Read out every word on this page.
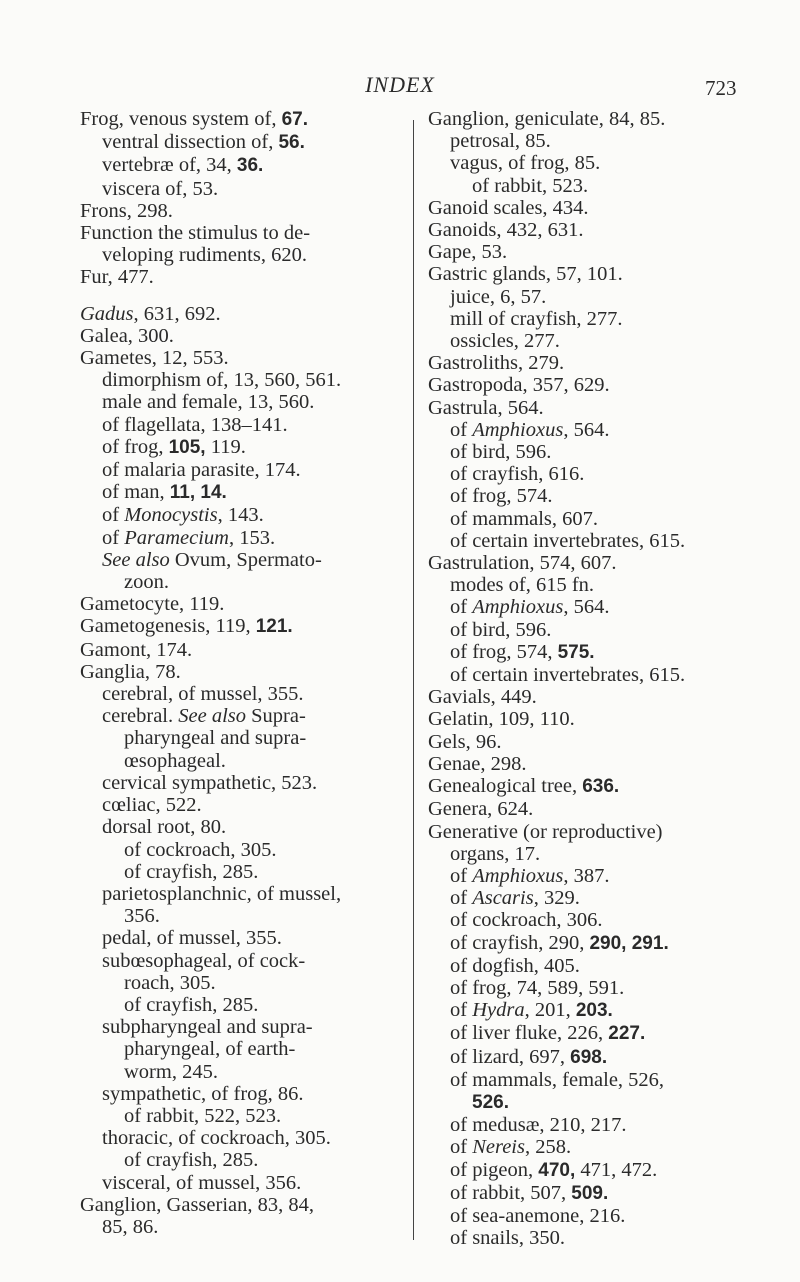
INDEX	723
Frog, venous system of, 67.
ventral dissection of, 56.
vertebræ of, 34, 36.
viscera of, 53.
Frons, 298.
Function the stimulus to de-
veloping rudiments, 620.
Fur, 477.
Gadus, 631, 692.
Galea, 300.
Gametes, 12, 553.
dimorphism of, 13, 560, 561.
male and female, 13, 560.
of flagellata, 138–141.
of frog, 105, 119.
of malaria parasite, 174.
of man, 11, 14.
of Monocystis, 143.
of Paramecium, 153.
See also Ovum, Spermato-
zoon.
Gametocyte, 119.
Gametogenesis, 119, 121.
Gamont, 174.
Ganglia, 78.
cerebral, of mussel, 355.
cerebral. See also Supra-
pharyngeal and supra-
œsophageal.
cervical sympathetic, 523.
cœliac, 522.
dorsal root, 80.
of cockroach, 305.
of crayfish, 285.
parietosplanchnic, of mussel,
356.
pedal, of mussel, 355.
subœsophageal, of cock-
roach, 305.
of crayfish, 285.
subpharyngeal and supra-
pharyngeal, of earth-
worm, 245.
sympathetic, of frog, 86.
of rabbit, 522, 523.
thoracic, of cockroach, 305.
of crayfish, 285.
visceral, of mussel, 356.
Ganglion, Gasserian, 83, 84,
85, 86.
Ganglion, geniculate, 84, 85.
petrosal, 85.
vagus, of frog, 85.
of rabbit, 523.
Ganoid scales, 434.
Ganoids, 432, 631.
Gape, 53.
Gastric glands, 57, 101.
juice, 6, 57.
mill of crayfish, 277.
ossicles, 277.
Gastroliths, 279.
Gastropoda, 357, 629.
Gastrula, 564.
of Amphioxus, 564.
of bird, 596.
of crayfish, 616.
of frog, 574.
of mammals, 607.
of certain invertebrates, 615.
Gastrulation, 574, 607.
modes of, 615 fn.
of Amphioxus, 564.
of bird, 596.
of frog, 574, 575.
of certain invertebrates, 615.
Gavials, 449.
Gelatin, 109, 110.
Gels, 96.
Genae, 298.
Genealogical tree, 636.
Genera, 624.
Generative (or reproductive)
organs, 17.
of Amphioxus, 387.
of Ascaris, 329.
of cockroach, 306.
of crayfish, 290, 290, 291.
of dogfish, 405.
of frog, 74, 589, 591.
of Hydra, 201, 203.
of liver fluke, 226, 227.
of lizard, 697, 698.
of mammals, female, 526,
526.
of medusæ, 210, 217.
of Nereis, 258.
of pigeon, 470, 471, 472.
of rabbit, 507, 509.
of sea-anemone, 216.
of snails, 350.
